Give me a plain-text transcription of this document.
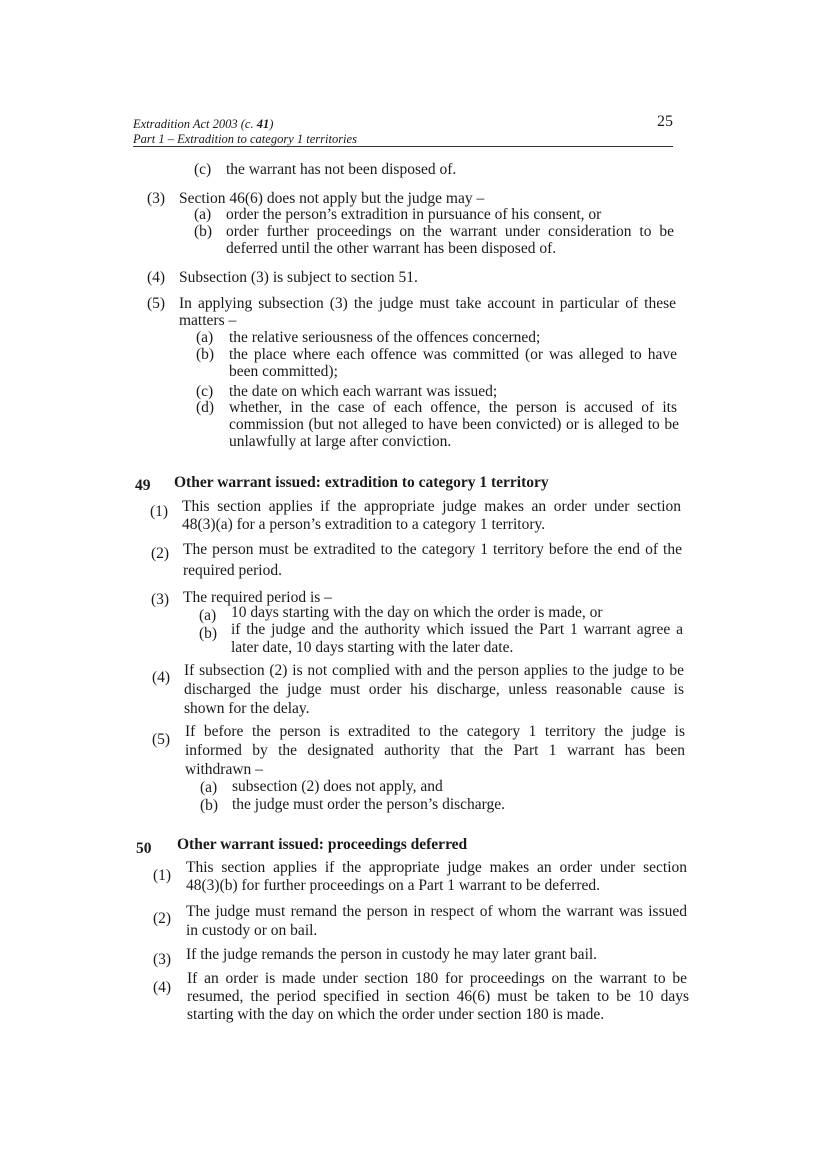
Extradition Act 2003 (c. 41)
Part 1 – Extradition to category 1 territories
25
(c) the warrant has not been disposed of.
(3) Section 46(6) does not apply but the judge may –
(a) order the person’s extradition in pursuance of his consent, or
(b) order further proceedings on the warrant under consideration to be
deferred until the other warrant has been disposed of.
(4) Subsection (3) is subject to section 51.
(5) In applying subsection (3) the judge must take account in particular of these
matters –
(a) the relative seriousness of the offences concerned;
(b) the place where each offence was committed (or was alleged to have
been committed);
(c) the date on which each warrant was issued;
(d) whether, in the case of each offence, the person is accused of its
commission (but not alleged to have been convicted) or is alleged to be
unlawfully at large after conviction.
49 Other warrant issued: extradition to category 1 territory
(1) This section applies if the appropriate judge makes an order under section
48(3)(a) for a person’s extradition to a category 1 territory.
(2) The person must be extradited to the category 1 territory before the end of the
required period.
(3) The required period is –
(a) 10 days starting with the day on which the order is made, or
(b) if the judge and the authority which issued the Part 1 warrant agree a
later date, 10 days starting with the later date.
(4) If subsection (2) is not complied with and the person applies to the judge to be
discharged the judge must order his discharge, unless reasonable cause is
shown for the delay.
(5) If before the person is extradited to the category 1 territory the judge is
informed by the designated authority that the Part 1 warrant has been
withdrawn –
(a) subsection (2) does not apply, and
(b) the judge must order the person’s discharge.
50 Other warrant issued: proceedings deferred
(1) This section applies if the appropriate judge makes an order under section
48(3)(b) for further proceedings on a Part 1 warrant to be deferred.
(2) The judge must remand the person in respect of whom the warrant was issued
in custody or on bail.
(3) If the judge remands the person in custody he may later grant bail.
(4)
If an order is made under section 180 for proceedings on the warrant to be
resumed, the period specified in section 46(6) must be taken to be 10 days
starting with the day on which the order under section 180 is made.
